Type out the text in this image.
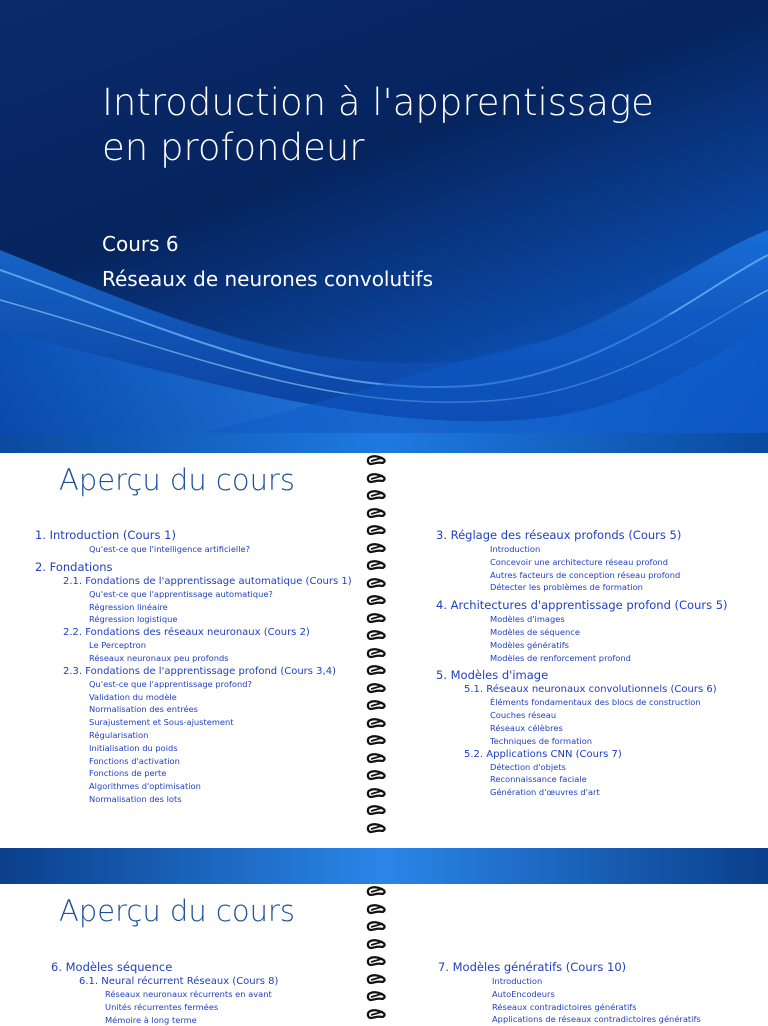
Introduction à l'apprentissage en profondeur
Cours 6
Réseaux de neurones convolutifs
Aperçu du cours
1. Introduction (Cours 1)
Qu'est-ce que l'intelligence artificielle?
2. Fondations
2.1. Fondations de l'apprentissage automatique (Cours 1)
Qu'est-ce que l'apprentissage automatique?
Régression linéaire
Régression logistique
2.2. Fondations des réseaux neuronaux (Cours 2)
Le Perceptron
Réseaux neuronaux peu profonds
2.3. Fondations de l'apprentissage profond (Cours 3,4)
Qu'est-ce que l'apprentissage profond?
Validation du modèle
Normalisation des entrées
Surajustement et Sous-ajustement
Régularisation
Initialisation du poids
Fonctions d'activation
Fonctions de perte
Algorithmes d'optimisation
Normalisation des lots
3. Réglage des réseaux profonds (Cours 5)
Introduction
Concevoir une architecture réseau profond
Autres facteurs de conception réseau profond
Détecter les problèmes de formation
4. Architectures d'apprentissage profond (Cours 5)
Modèles d'images
Modèles de séquence
Modèles génératifs
Modèles de renforcement profond
5. Modèles d'image
5.1. Réseaux neuronaux convolutionnels (Cours 6)
Éléments fondamentaux des blocs de construction
Couches réseau
Réseaux célèbres
Techniques de formation
5.2. Applications CNN (Cours 7)
Détection d'objets
Reconnaissance faciale
Génération d'œuvres d'art
Aperçu du cours
6. Modèles séquence
6.1. Neural récurrent Réseaux (Cours 8)
Réseaux neuronaux récurrents en avant
Unités récurrentes fermées
Mémoire à long terme
7. Modèles génératifs (Cours 10)
Introduction
AutoEncodeurs
Réseaux contradictoires génératifs
Applications de réseaux contradictoires génératifs
